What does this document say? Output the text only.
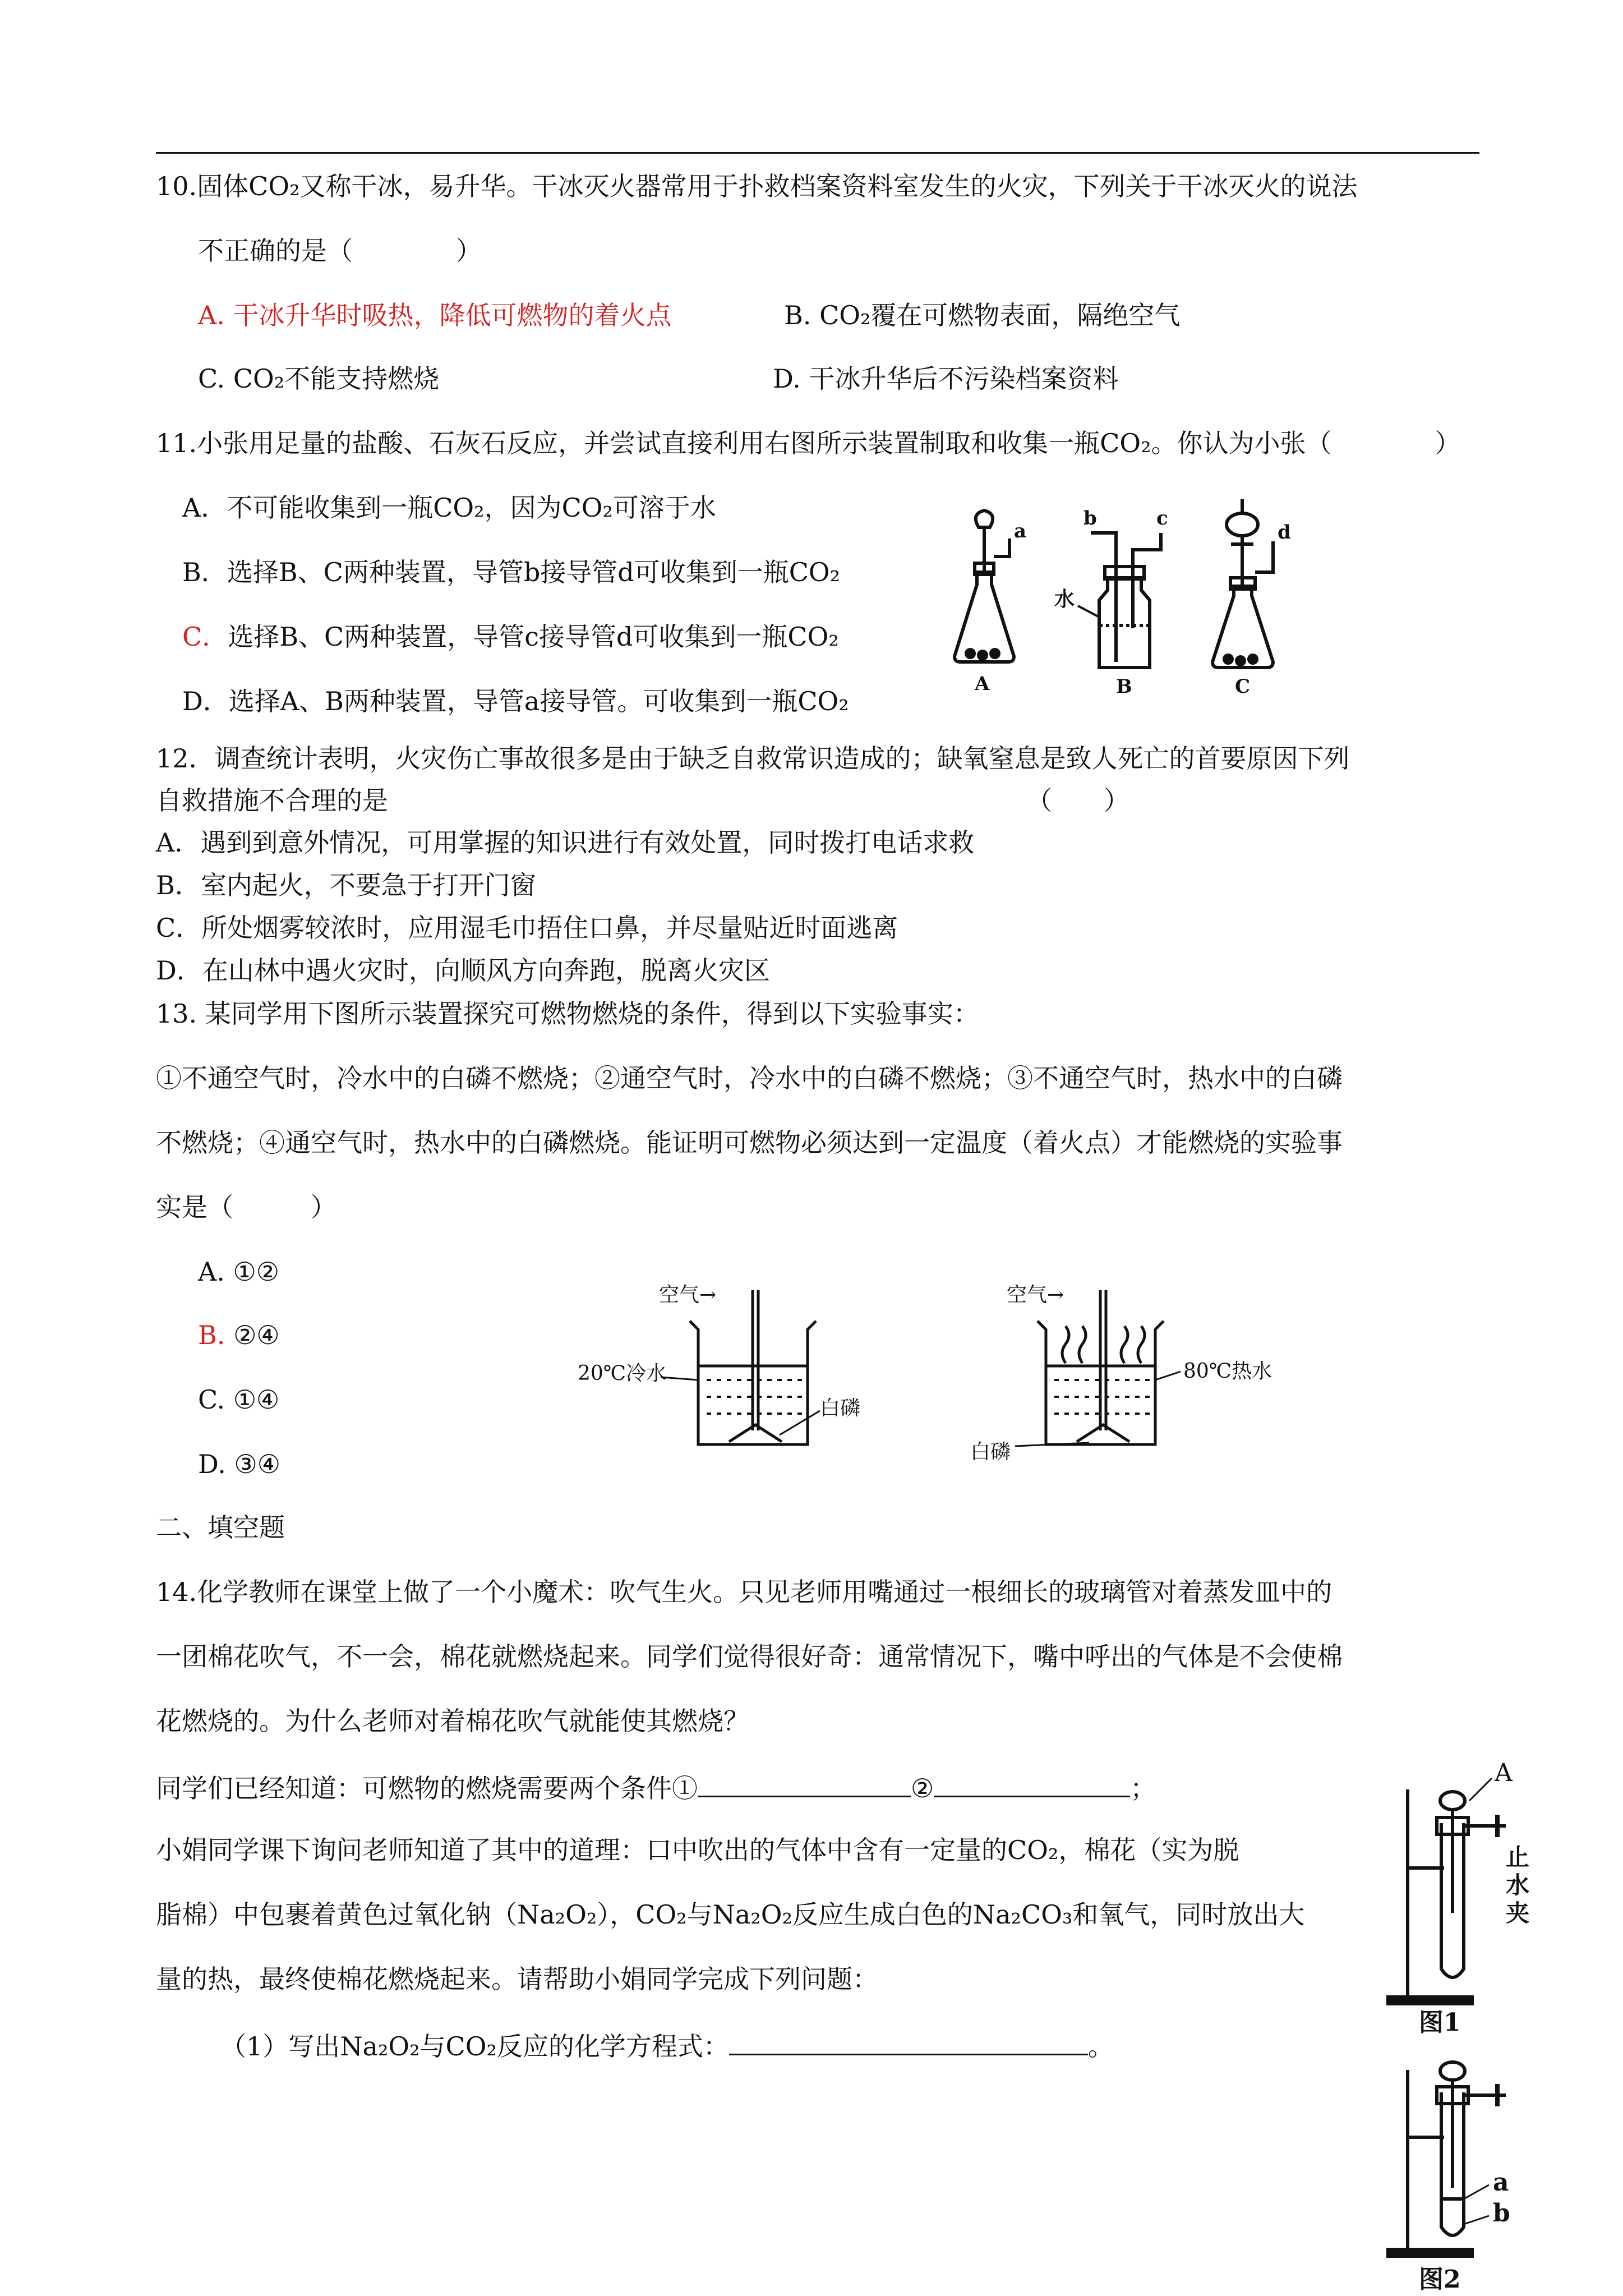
10.固体CO₂又称干冰，易升华。干冰灭火器常用于扑救档案资料室发生的火灾，下列关于干冰灭火的说法
不正确的是（　　　　）
A. 干冰升华时吸热，降低可燃物的着火点	B. CO₂覆在可燃物表面，隔绝空气
C. CO₂不能支持燃烧	D. 干冰升华后不污染档案资料
11.小张用足量的盐酸、石灰石反应，并尝试直接利用右图所示装置制取和收集一瓶CO₂。你认为小张（　　　　）
A．不可能收集到一瓶CO₂，因为CO₂可溶于水
B．选择B、C两种装置，导管b接导管d可收集到一瓶CO₂
C．选择B、C两种装置，导管c接导管d可收集到一瓶CO₂
D．选择A、B两种装置，导管a接导管。可收集到一瓶CO₂
a
b	c
d
水
A	B	C
12．调查统计表明，火灾伤亡事故很多是由于缺乏自救常识造成的；缺氧窒息是致人死亡的首要原因下列
自救措施不合理的是	（　　）
A．遇到到意外情况，可用掌握的知识进行有效处置，同时拨打电话求救
B．室内起火，不要急于打开门窗
C．所处烟雾较浓时，应用湿毛巾捂住口鼻，并尽量贴近时面逃离
D．在山林中遇火灾时，向顺风方向奔跑，脱离火灾区
13. 某同学用下图所示装置探究可燃物燃烧的条件，得到以下实验事实：
①不通空气时，冷水中的白磷不燃烧；②通空气时，冷水中的白磷不燃烧；③不通空气时，热水中的白磷
不燃烧；④通空气时，热水中的白磷燃烧。能证明可燃物必须达到一定温度（着火点）才能燃烧的实验事
实是（　　　）
A. ①②
B. ②④
C. ①④
D. ③④
空气→
20℃冷水
白磷
空气→
80℃热水
白磷
二、填空题
14.化学教师在课堂上做了一个小魔术：吹气生火。只见老师用嘴通过一根细长的玻璃管对着蒸发皿中的
一团棉花吹气，不一会，棉花就燃烧起来。同学们觉得很好奇：通常情况下，嘴中呼出的气体是不会使棉
花燃烧的。为什么老师对着棉花吹气就能使其燃烧？
同学们已经知道：可燃物的燃烧需要两个条件①	②	；
小娟同学课下询问老师知道了其中的道理：口中吹出的气体中含有一定量的CO₂，棉花（实为脱
脂棉）中包裹着黄色过氧化钠（Na₂O₂），CO₂与Na₂O₂反应生成白色的Na₂CO₃和氧气，同时放出大
量的热，最终使棉花燃烧起来。请帮助小娟同学完成下列问题：
（1）写出Na₂O₂与CO₂反应的化学方程式：	。
A
止
水
夹
图1
a
b
图2
